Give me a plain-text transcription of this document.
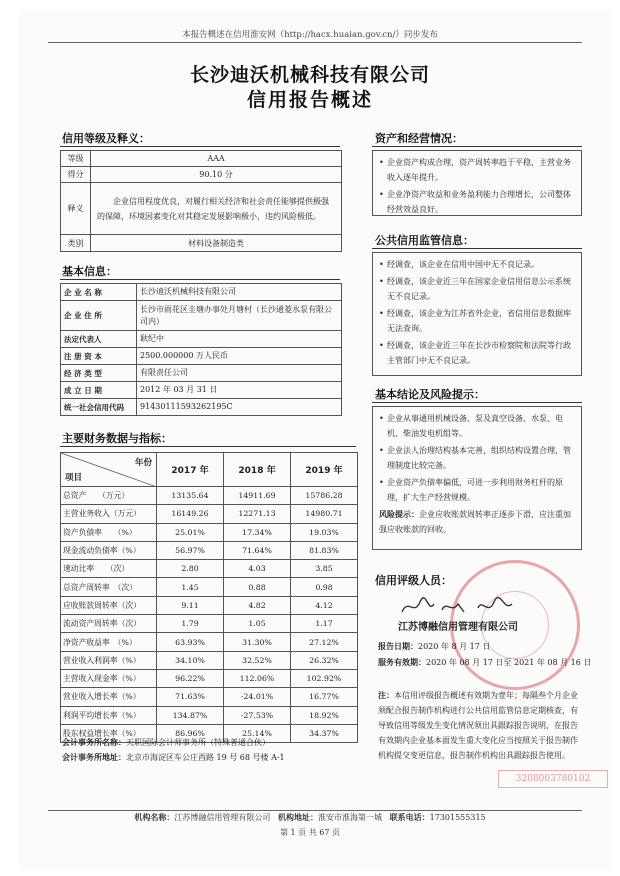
本报告概述在信用淮安网（http://hacx.huaian.gov.cn/）同步发布
长沙迪沃机械科技有限公司
信用报告概述
信用等级及释义：
等级	AAA
得分	90.10 分
释义	企业信用程度优良，对履行相关经济和社会责任能够提供极强的保障，环境因素变化对其稳定发展影响极小，违约风险极低。
类别	材料设备制造类
基本信息：
企 业 名 称	长沙迪沃机械科技有限公司
企 业 住 所	长沙市雨花区圭塘办事处月塘村（长沙通菱水泵有限公司内）
法定代表人	耿纪中
注 册 资 本	2500.000000 万人民币
经 济 类 型	有限责任公司
成 立 日 期	2012 年 03 月 31 日
统一社会信用代码	91430111593262195C
主要财务数据与指标：
年份
项目	2017 年	2018 年	2019 年
总资产　　（万元）	13135.64	14911.69	15786.28
主营业务收入（万元）	16149.26	12271.13	14980.71
资产负债率　　（%）	25.01%	17.34%	19.03%
现金流动负债率（%）	56.97%	71.64%	81.83%
速动比率　　（次）	2.80	4.03	3.85
总资产周转率　（次）	1.45	0.88	0.98
应收账款周转率（次）	9.11	4.82	4.12
流动资产周转率（次）	1.79	1.05	1.17
净资产收益率　（%）	63.93%	31.30%	27.12%
营业收入利润率（%）	34.10%	32.52%	26.32%
主营收入现金率（%）	96.22%	112.06%	102.92%
营业收入增长率（%）	71.63%	-24.01%	16.77%
利润平均增长率（%）	134.87%	-27.53%	18.92%
股东权益增长率（%）	86.96%	25.14%	34.37%
会计事务所名称：天职国际会计师事务所（特殊普通合伙）
会计事务所地址：北京市海淀区车公庄西路 19 号 68 号楼 A-1
资产和经营情况：
• 企业资产构成合理，资产周转率趋于平稳，主营业务收入逐年提升。
• 企业净资产收益和业务盈利能力合理增长，公司整体经营效益良好。
公共信用监管信息：
• 经调查，该企业在信用中国中无不良记录。
• 经调查，该企业近三年在国家企业信用信息公示系统无不良记录。
• 经调查，该企业为江苏省外企业，省信用信息数据库无法查询。
• 经调查，该企业近三年在长沙市检察院和法院等行政主管部门中无不良记录。
基本结论及风险提示：
• 企业从事通用机械设备、泵及真空设备、水泵、电机、柴油发电机组等。
• 企业法人治理结构基本完善，组织结构设置合理，管理制度比较完备。
• 企业资产负债率偏低，可进一步利用财务杠杆的原理，扩大生产经营规模。
风险提示：企业应收账款周转率正逐步下滑，应注重加强应收账款的回收。
信用评级人员：
江苏博融信用管理有限公司
报告日期：2020 年 8 月 17 日
服务有效期：2020 年 08 月 17 日至 2021 年 08 月 16 日
注：本信用评级报告概述有效期为壹年；每隔叁个月企业须配合报告制作机构进行公共信用监管信息定期核查，有导致信用等级发生变化情况须出具跟踪报告说明，在报告有效期内企业基本面发生重大变化应当按照关于报告制作机构提交变更信息，报告制作机构出具跟踪报告使用。
3208003780102
机构名称：江苏博融信用管理有限公司 机构地址：淮安市淮海第一城 联系电话：17301555315
第 1 页 共 67 页
